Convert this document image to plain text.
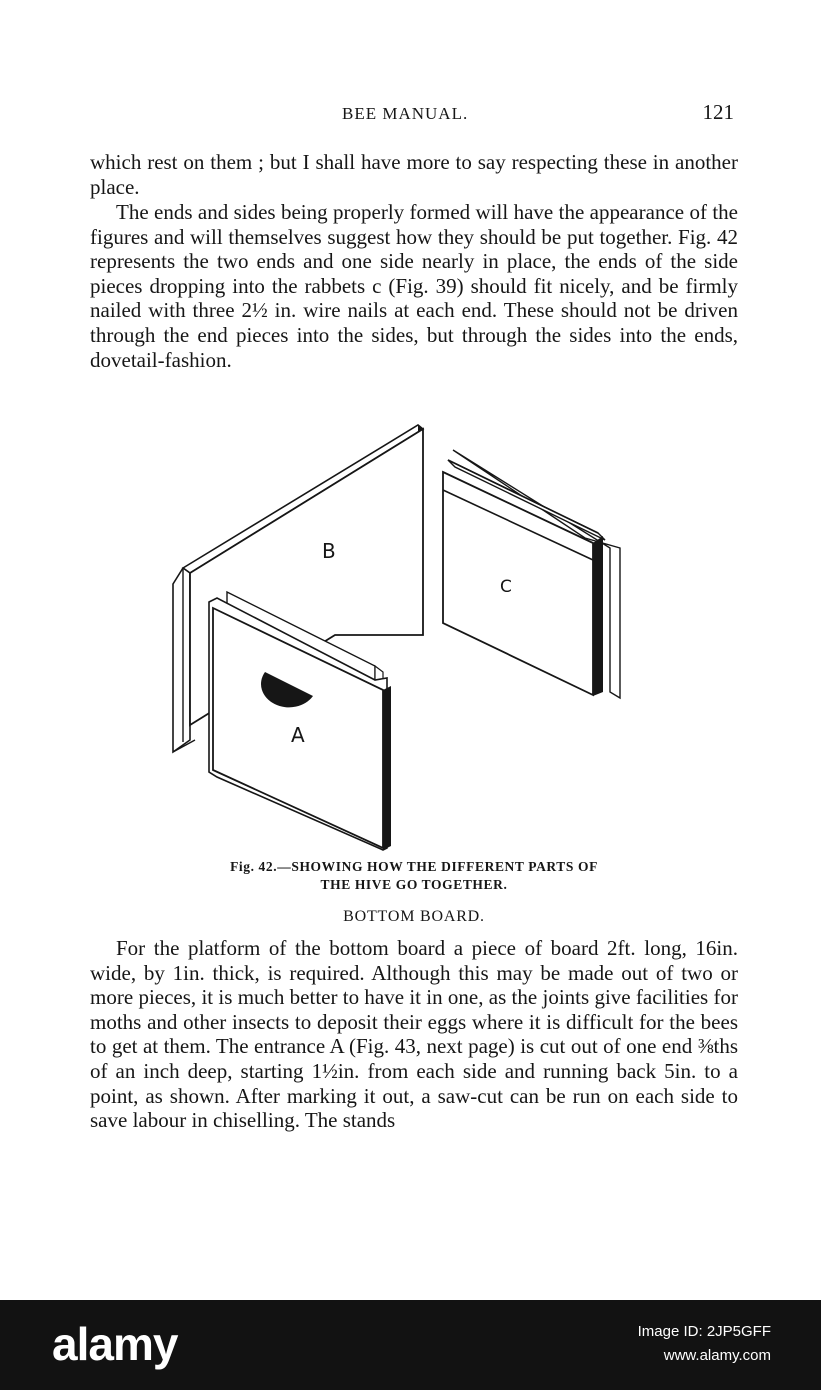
BEE MANUAL.	121

which rest on them ; but I shall have more to say respecting these in another place.

The ends and sides being properly formed will have the appearance of the figures and will themselves suggest how they should be put together. Fig. 42 represents the two ends and one side nearly in place, the ends of the side pieces dropping into the rabbets c (Fig. 39) should fit nicely, and be firmly nailed with three 2½ in. wire nails at each end. These should not be driven through the end pieces into the sides, but through the sides into the ends, dovetail-fashion.

B
C
A
Fig. 42.—SHOWING HOW THE DIFFERENT PARTS OF
THE HIVE GO TOGETHER.
BOTTOM BOARD.

For the platform of the bottom board a piece of board 2ft. long, 16in. wide, by 1in. thick, is required. Although this may be made out of two or more pieces, it is much better to have it in one, as the joints give facilities for moths and other insects to deposit their eggs where it is difficult for the bees to get at them. The entrance A (Fig. 43, next page) is cut out of one end ⅜ths of an inch deep, starting 1½in. from each side and running back 5in. to a point, as shown. After marking it out, a saw-cut can be run on each side to save labour in chiselling. The stands

alamy	Image ID: 2JP5GFF
www.alamy.com
